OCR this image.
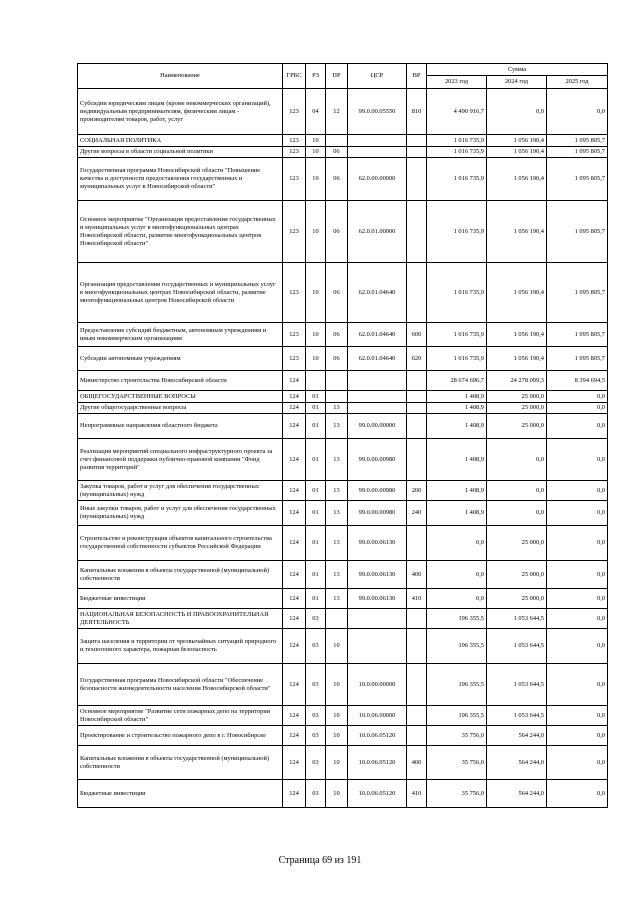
Наименование	ГРБС	РЗ	ПР	ЦСР	ВР	Сумма		
						2023 год	2024 год	2025 год
Субсидии юридическим лицам (кроме некоммерческих организаций), индивидуальным предпринимателям, физическим лицам - производителям товаров, работ, услуг	123	04	12	99.0.00.05550	810	4 490 916,7	0,0	0,0
СОЦИАЛЬНАЯ ПОЛИТИКА	123	10				1 016 735,9	1 056 190,4	1 095 805,7
Другие вопросы в области социальной политики	123	10	06			1 016 735,9	1 056 190,4	1 095 805,7
Государственная программа Новосибирской области "Повышение качества и доступности предоставления государственных и муниципальных услуг в Новосибирской области"	123	10	06	62.0.00.00000		1 016 735,9	1 056 190,4	1 095 805,7
Основное мероприятие "Организация предоставления государственных и муниципальных услуг в многофункциональных центрах Новосибирской области, развитие многофункциональных центров Новосибирской области"	123	10	06	62.0.01.00000		1 016 735,9	1 056 190,4	1 095 805,7
Организация предоставления государственных и муниципальных услуг в многофункциональных центрах Новосибирской области, развитие многофункциональных центров Новосибирской области	123	10	06	62.0.01.04640		1 016 735,9	1 056 190,4	1 095 805,7
Предоставление субсидий бюджетным, автономным учреждениям и иным некоммерческим организациям	123	10	06	62.0.01.04640	600	1 016 735,9	1 056 190,4	1 095 805,7
Субсидии автономным учреждениям	123	10	06	62.0.01.04640	620	1 016 735,9	1 056 190,4	1 095 805,7
Министерство строительства Новосибирской области	124					28 674 696,7	24 278 099,3	8 394 694,5
ОБЩЕГОСУДАРСТВЕННЫЕ ВОПРОСЫ	124	01				1 408,9	25 000,0	0,0
Другие общегосударственные вопросы	124	01	13			1 408,9	25 000,0	0,0
Непрограммные направления областного бюджета	124	01	13	99.0.00.00000		1 408,9	25 000,0	0,0
Реализация мероприятий специального инфраструктурного проекта за счет финансовой поддержки публично-правовой компании "Фонд развития территорий"	124	01	13	99.0.00.00980		1 408,9	0,0	0,0
Закупка товаров, работ и услуг для обеспечения государственных (муниципальных) нужд	124	01	13	99.0.00.00980	200	1 408,9	0,0	0,0
Иные закупки товаров, работ и услуг для обеспечения государственных (муниципальных) нужд	124	01	13	99.0.00.00980	240	1 408,9	0,0	0,0
Строительство и реконструкция объектов капитального строительства государственной собственности субъектов Российской Федерации	124	01	13	99.0.00.06130		0,0	25 000,0	0,0
Капитальные вложения в объекты государственной (муниципальной) собственности	124	01	13	99.0.00.06130	400	0,0	25 000,0	0,0
Бюджетные инвестиции	124	01	13	99.0.00.06130	410	0,0	25 000,0	0,0
НАЦИОНАЛЬНАЯ БЕЗОПАСНОСТЬ И ПРАВООХРАНИТЕЛЬНАЯ ДЕЯТЕЛЬНОСТЬ	124	03				196 355,5	1 053 644,5	0,0
Защита населения и территории от чрезвычайных ситуаций природного и техногенного характера, пожарная безопасность	124	03	10			196 355,5	1 053 644,5	0,0
Государственная программа Новосибирской области "Обеспечение безопасности жизнедеятельности населения Новосибирской области"	124	03	10	10.0.00.00000		196 355,5	1 053 644,5	0,0
Основное мероприятие "Развитие сети пожарных депо на территории Новосибирской области"	124	03	10	10.0.06.00000		196 355,5	1 053 644,5	0,0
Проектирование и строительство пожарного депо в г. Новосибирске	124	03	10	10.0.06.05120		35 756,0	564 244,0	0,0
Капитальные вложения в объекты государственной (муниципальной) собственности	124	03	10	10.0.06.05120	400	35 756,0	564 244,0	0,0
Бюджетные инвестиции	124	03	10	10.0.06.05120	410	35 756,0	564 244,0	0,0
Страница 69 из 191
